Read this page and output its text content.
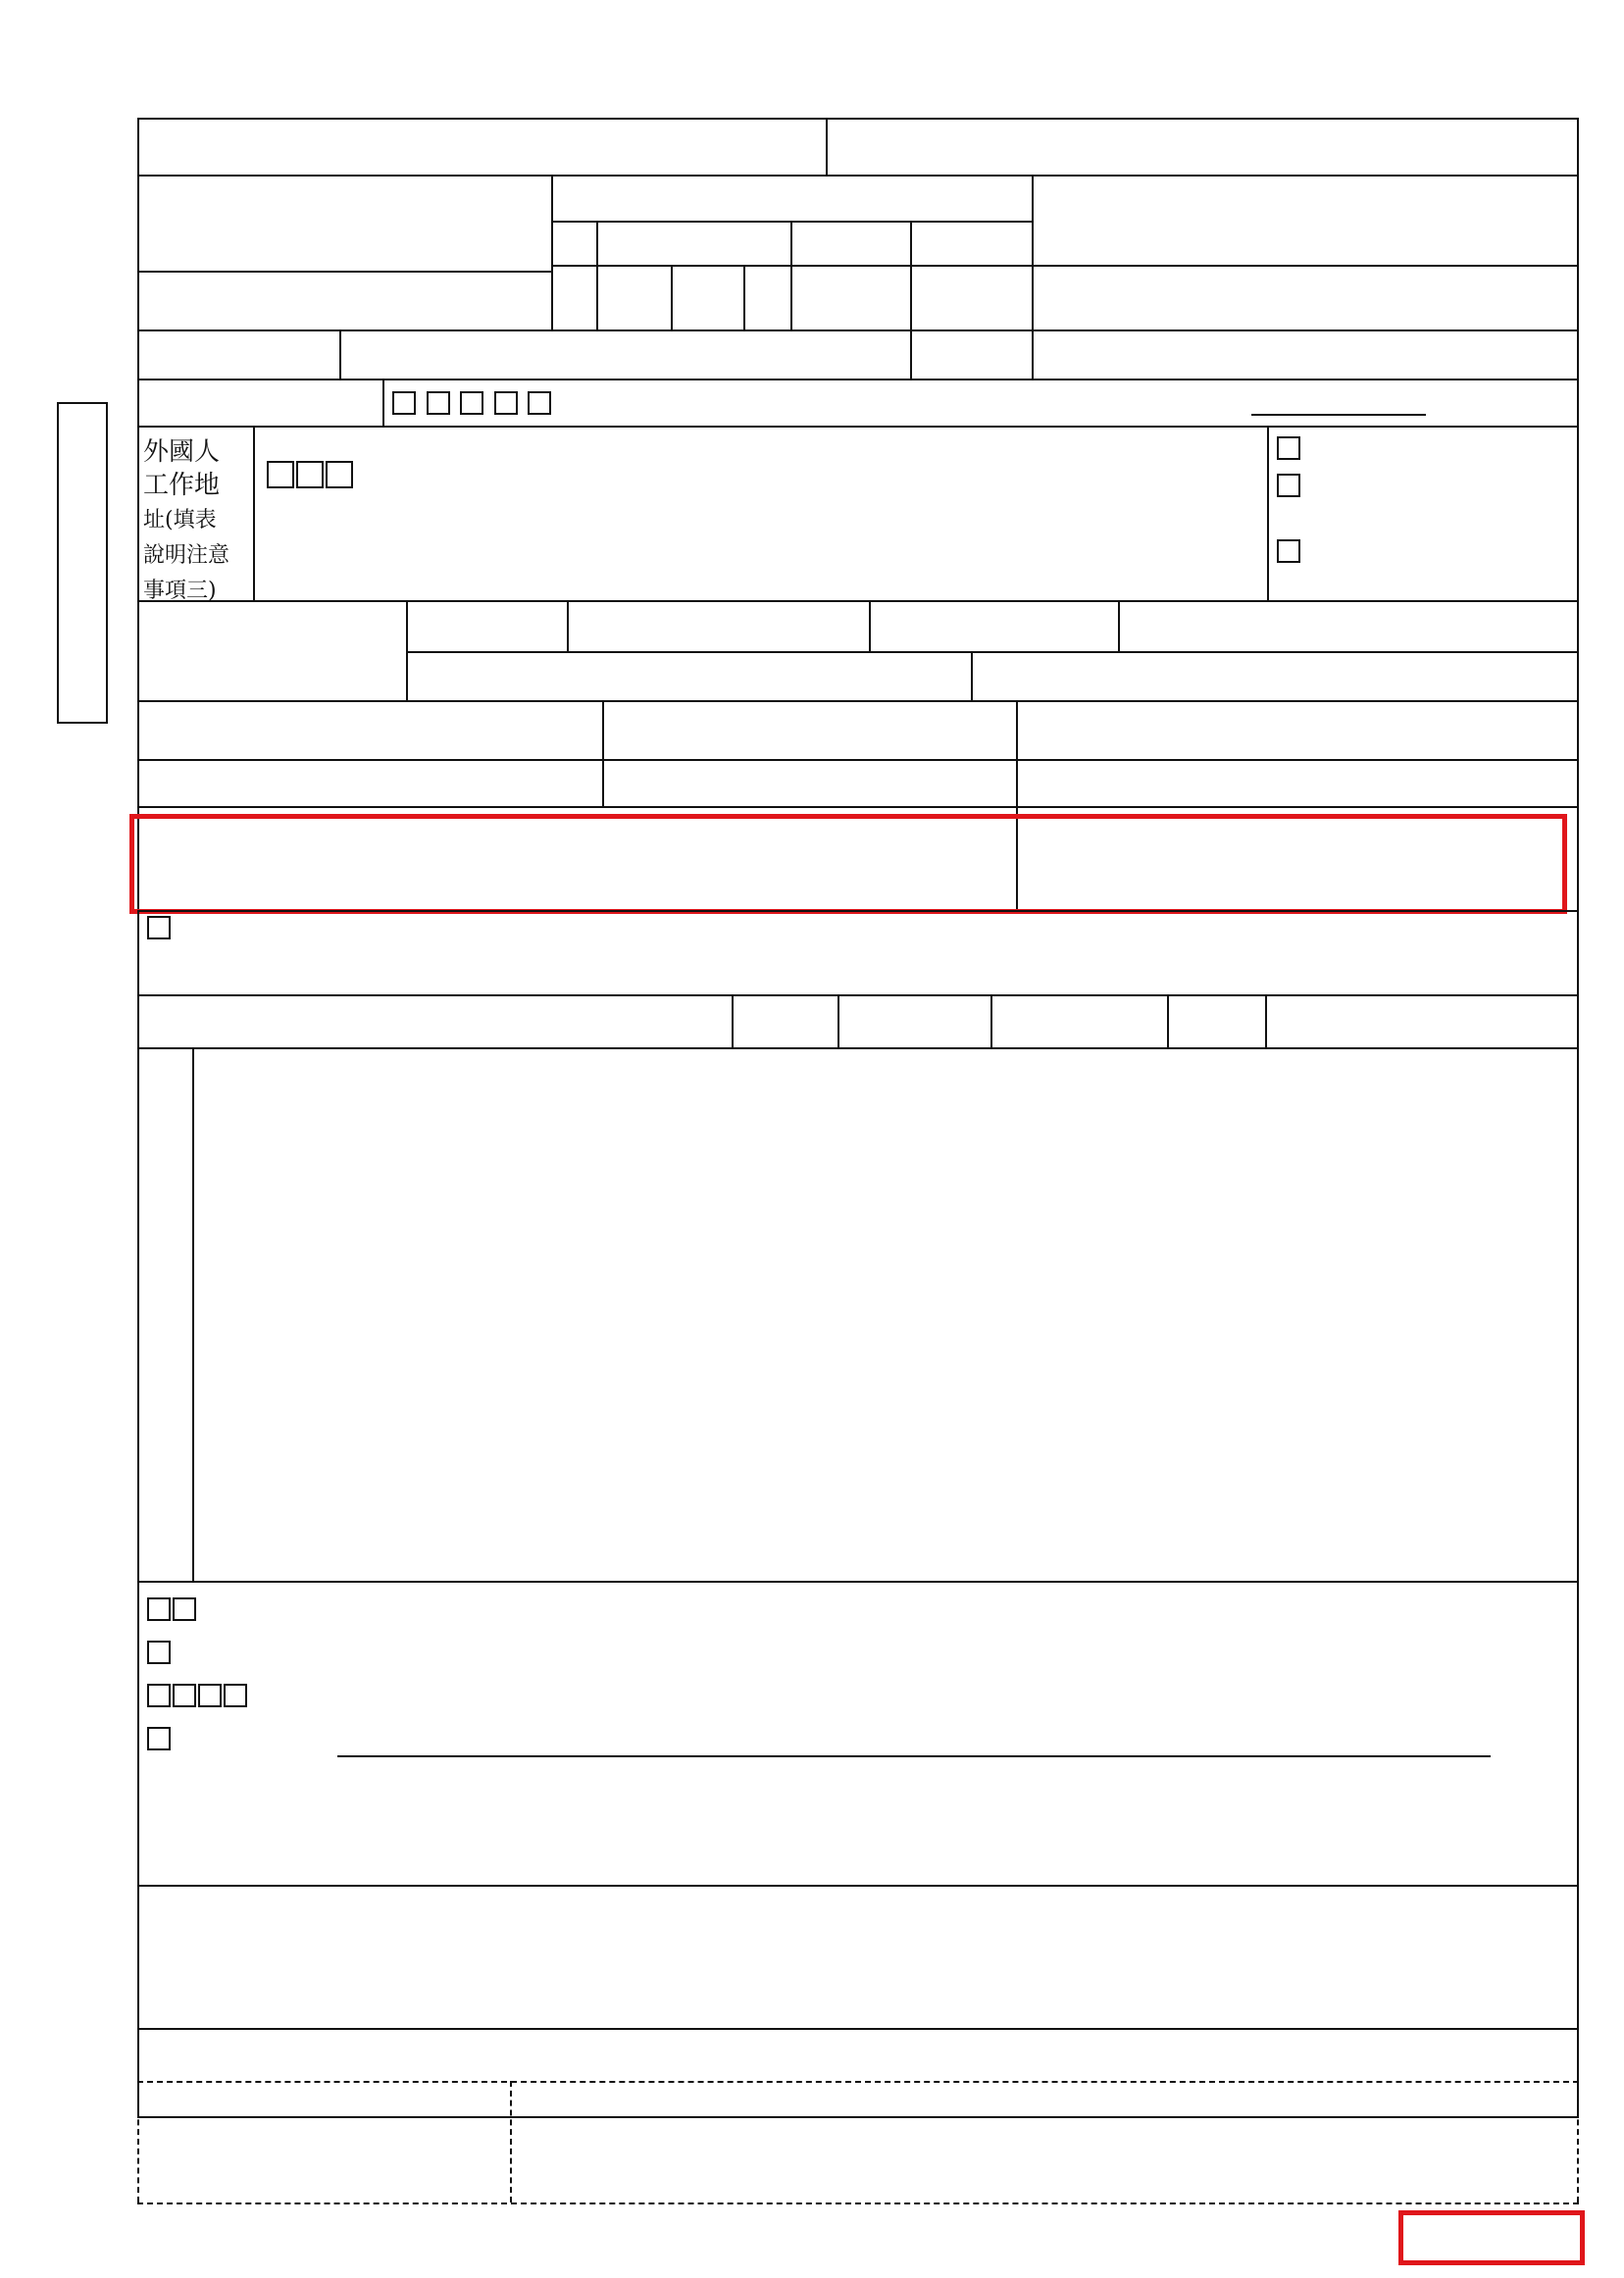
外國人
工作地
址(填表
說明注意
事項三)
